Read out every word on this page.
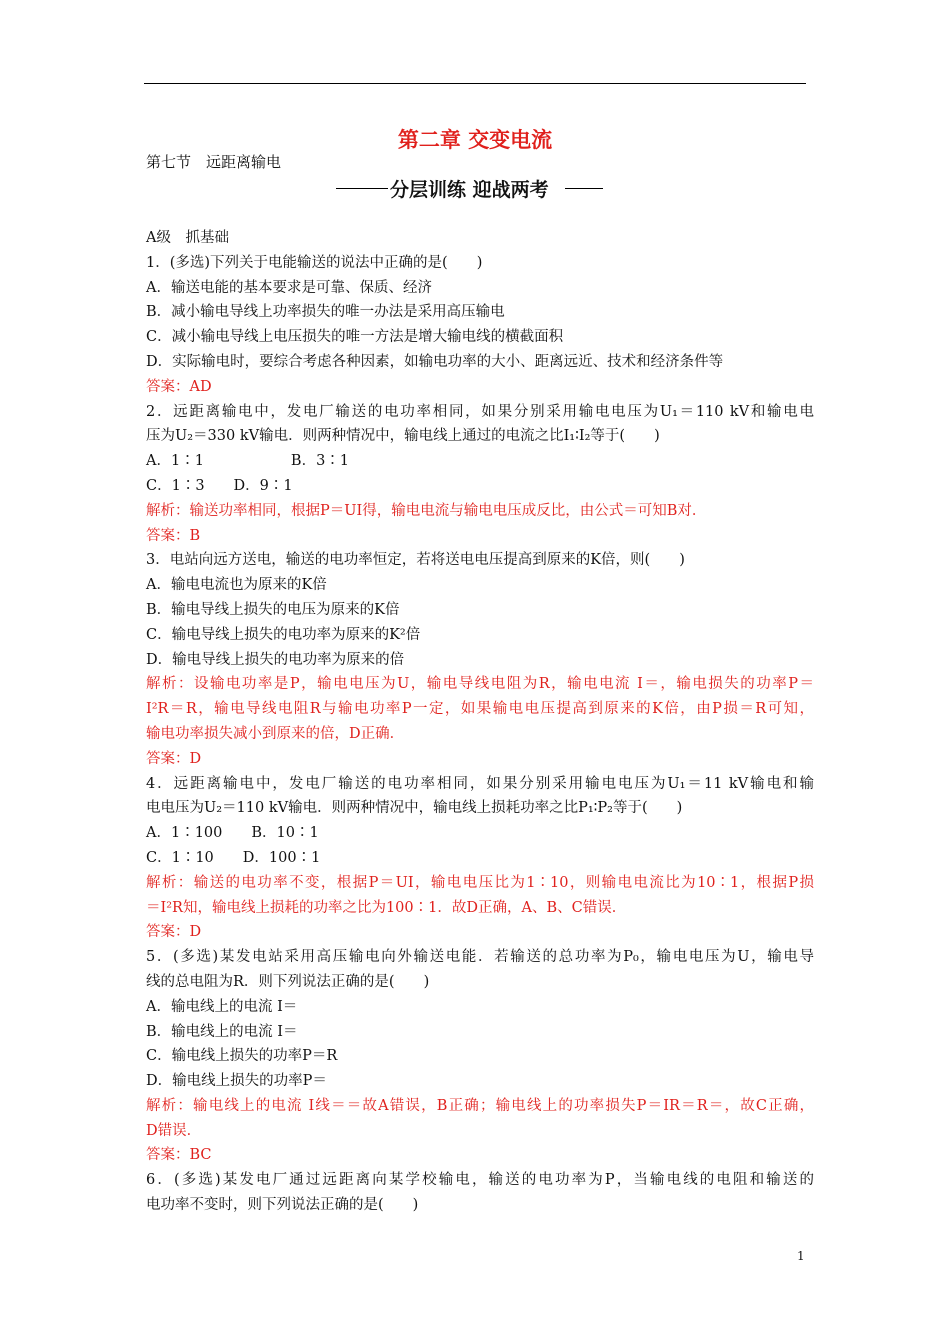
第二章 交变电流
第七节　远距离输电
分层训练 迎战两考
A级　抓基础
1．(多选)下列关于电能输送的说法中正确的是(　　)
A．输送电能的基本要求是可靠、保质、经济
B．减小输电导线上功率损失的唯一办法是采用高压输电
C．减小输电导线上电压损失的唯一方法是增大输电线的横截面积
D．实际输电时，要综合考虑各种因素，如输电功率的大小、距离远近、技术和经济条件等
答案：AD
2．远距离输电中，发电厂输送的电功率相同，如果分别采用输电电压为U₁＝110 kV和输电电
压为U₂＝330 kV输电．则两种情况中，输电线上通过的电流之比I₁∶I₂等于(　　)
A．1∶1　　　　　　B．3∶1
C．1∶3　　D．9∶1
解析：输送功率相同，根据P＝UI得，输电电流与输电电压成反比，由公式＝可知B对．
答案：B
3．电站向远方送电，输送的电功率恒定，若将送电电压提高到原来的K倍，则(　　)
A．输电电流也为原来的K倍
B．输电导线上损失的电压为原来的K倍
C．输电导线上损失的电功率为原来的K²倍
D．输电导线上损失的电功率为原来的倍
解析：设输电功率是P，输电电压为U，输电导线电阻为R，输电电流 I＝，输电损失的功率P＝
I²R＝R，输电导线电阻R与输电功率P一定，如果输电电压提高到原来的K倍，由P损＝R可知，
输电功率损失减小到原来的倍，D正确．
答案：D
4．远距离输电中，发电厂输送的电功率相同，如果分别采用输电电压为U₁＝11 kV输电和输
电电压为U₂＝110 kV输电．则两种情况中，输电线上损耗功率之比P₁∶P₂等于(　　)
A．1∶100　　B．10∶1
C．1∶10　　D．100∶1
解析：输送的电功率不变，根据P＝UI，输电电压比为1∶10，则输电电流比为10∶1，根据P损
＝I²R知，输电线上损耗的功率之比为100∶1．故D正确，A、B、C错误．
答案：D
5．(多选)某发电站采用高压输电向外输送电能．若输送的总功率为P₀，输电电压为U，输电导
线的总电阻为R．则下列说法正确的是(　　)
A．输电线上的电流 I＝
B．输电线上的电流 I＝
C．输电线上损失的功率P＝R
D．输电线上损失的功率P＝
解析：输电线上的电流 I线＝＝故A错误，B正确；输电线上的功率损失P＝IR＝R＝，故C正确，
D错误．
答案：BC
6．(多选)某发电厂通过远距离向某学校输电，输送的电功率为P，当输电线的电阻和输送的
电功率不变时，则下列说法正确的是(　　)
1
